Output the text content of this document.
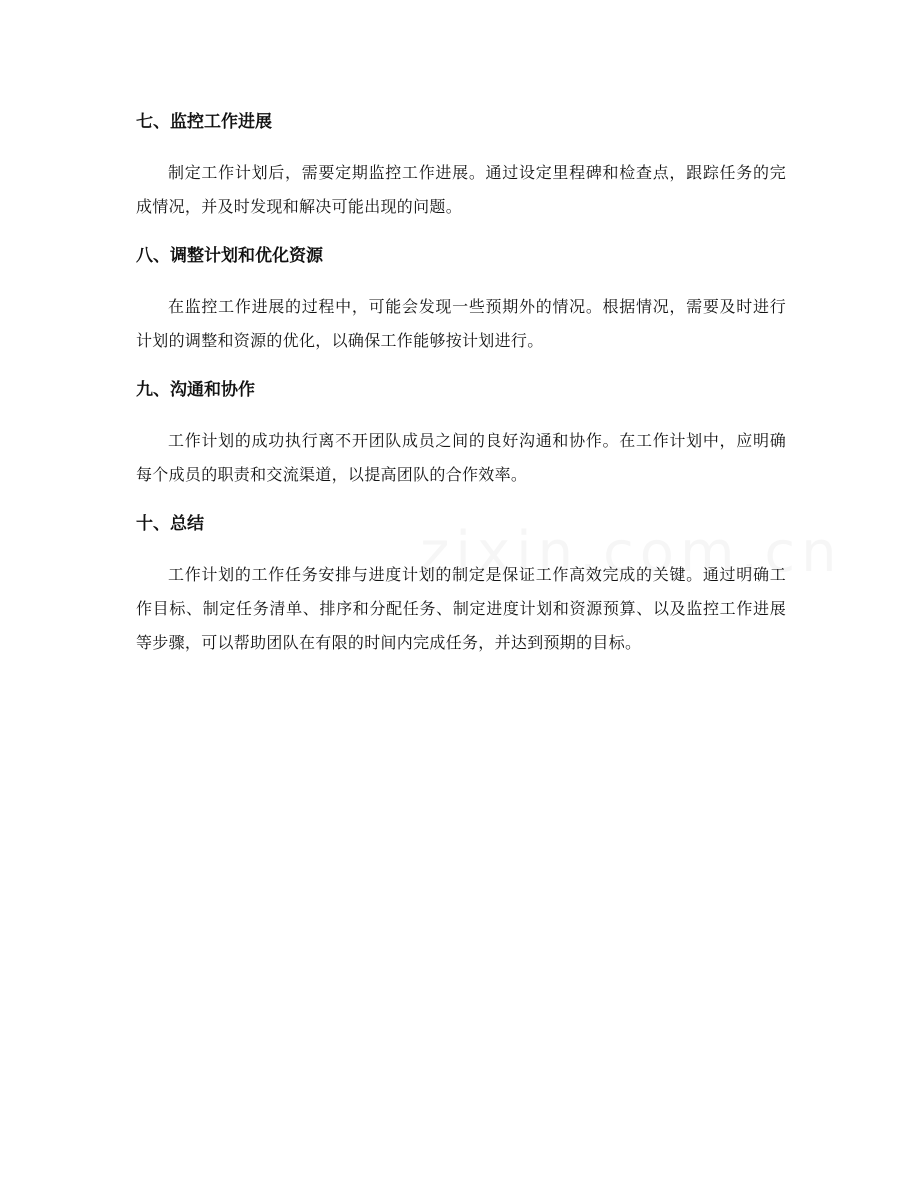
七、监控工作进展

制定工作计划后，需要定期监控工作进展。通过设定里程碑和检查点，跟踪任务的完成情况，并及时发现和解决可能出现的问题。

八、调整计划和优化资源

在监控工作进展的过程中，可能会发现一些预期外的情况。根据情况，需要及时进行计划的调整和资源的优化，以确保工作能够按计划进行。

九、沟通和协作

工作计划的成功执行离不开团队成员之间的良好沟通和协作。在工作计划中，应明确每个成员的职责和交流渠道，以提高团队的合作效率。

十、总结

工作计划的工作任务安排与进度计划的制定是保证工作高效完成的关键。通过明确工作目标、制定任务清单、排序和分配任务、制定进度计划和资源预算、以及监控工作进展等步骤，可以帮助团队在有限的时间内完成任务，并达到预期的目标。
